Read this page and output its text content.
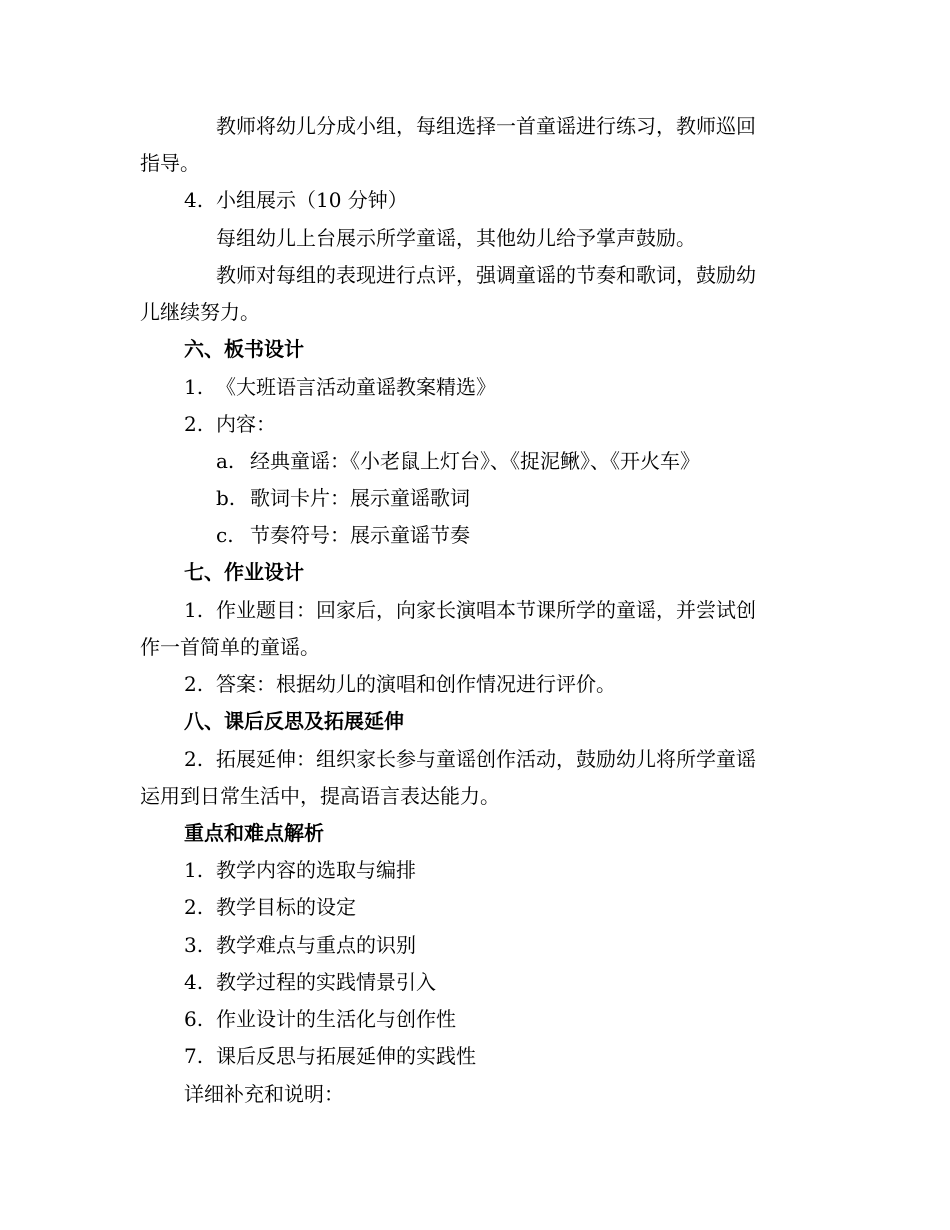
教师将幼儿分成小组，每组选择一首童谣进行练习，教师巡回
指导。
4. 小组展示（10 分钟）
每组幼儿上台展示所学童谣，其他幼儿给予掌声鼓励。
教师对每组的表现进行点评，强调童谣的节奏和歌词，鼓励幼
儿继续努力。
六、板书设计
1. 《大班语言活动童谣教案精选》
2. 内容：
a. 经典童谣：《小老鼠上灯台》、《捉泥鳅》、《开火车》
b. 歌词卡片：展示童谣歌词
c. 节奏符号：展示童谣节奏
七、作业设计
1. 作业题目：回家后，向家长演唱本节课所学的童谣，并尝试创
作一首简单的童谣。
2. 答案：根据幼儿的演唱和创作情况进行评价。
八、课后反思及拓展延伸
2. 拓展延伸：组织家长参与童谣创作活动，鼓励幼儿将所学童谣
运用到日常生活中，提高语言表达能力。
重点和难点解析
1. 教学内容的选取与编排
2. 教学目标的设定
3. 教学难点与重点的识别
4. 教学过程的实践情景引入
6. 作业设计的生活化与创作性
7. 课后反思与拓展延伸的实践性
详细补充和说明：
